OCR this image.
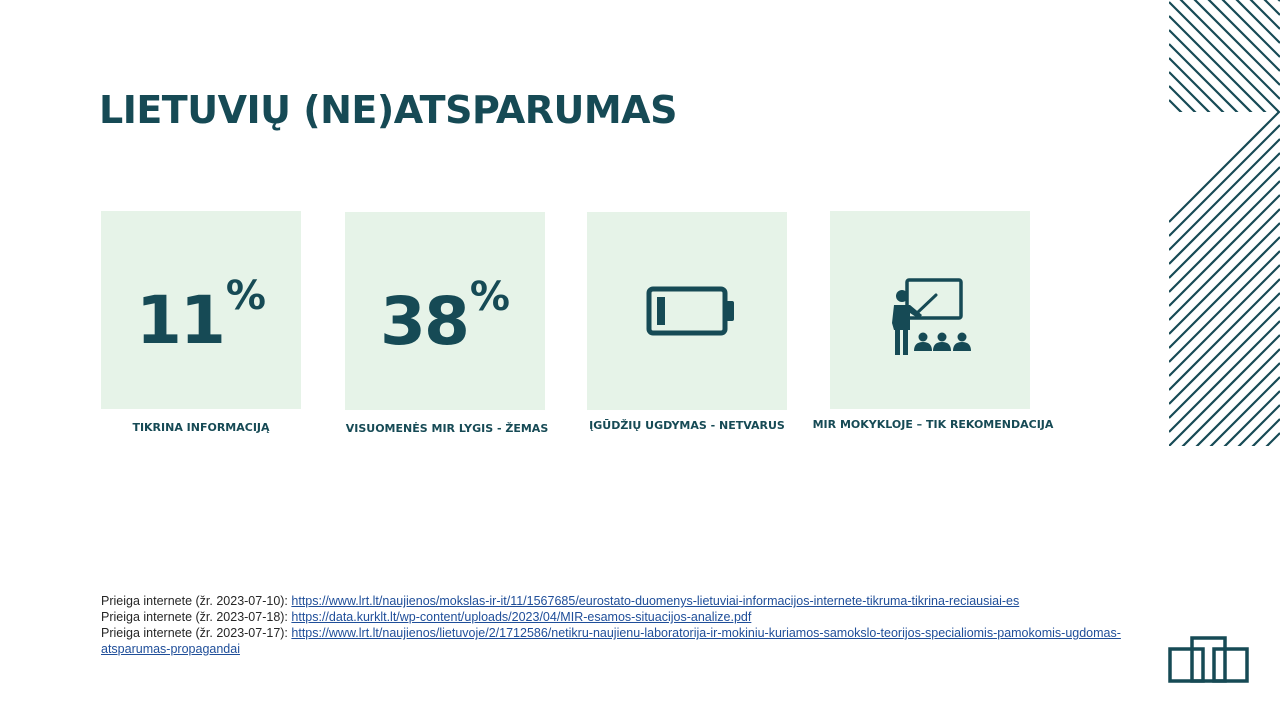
LIETUVIŲ (NE)ATSPARUMAS
11%
TIKRINA INFORMACIJĄ
38%
VISUOMENĖS MIR LYGIS - ŽEMAS	ĮGŪDŽIŲ UGDYMAS - NETVARUS	MIR MOKYKLOJE – TIK REKOMENDACIJA
Prieiga internete (žr. 2023-07-10): https://www.lrt.lt/naujienos/mokslas-ir-it/11/1567685/eurostato-duomenys-lietuviai-informacijos-internete-tikruma-tikrina-reciausiai-es
Prieiga internete (žr. 2023-07-18): https://data.kurklt.lt/wp-content/uploads/2023/04/MIR-esamos-situacijos-analize.pdf
Prieiga internete (žr. 2023-07-17): https://www.lrt.lt/naujienos/lietuvoje/2/1712586/netikru-naujienu-laboratorija-ir-mokiniu-kuriamos-samokslo-teorijos-specialiomis-pamokomis-ugdomas-atsparumas-propagandai
